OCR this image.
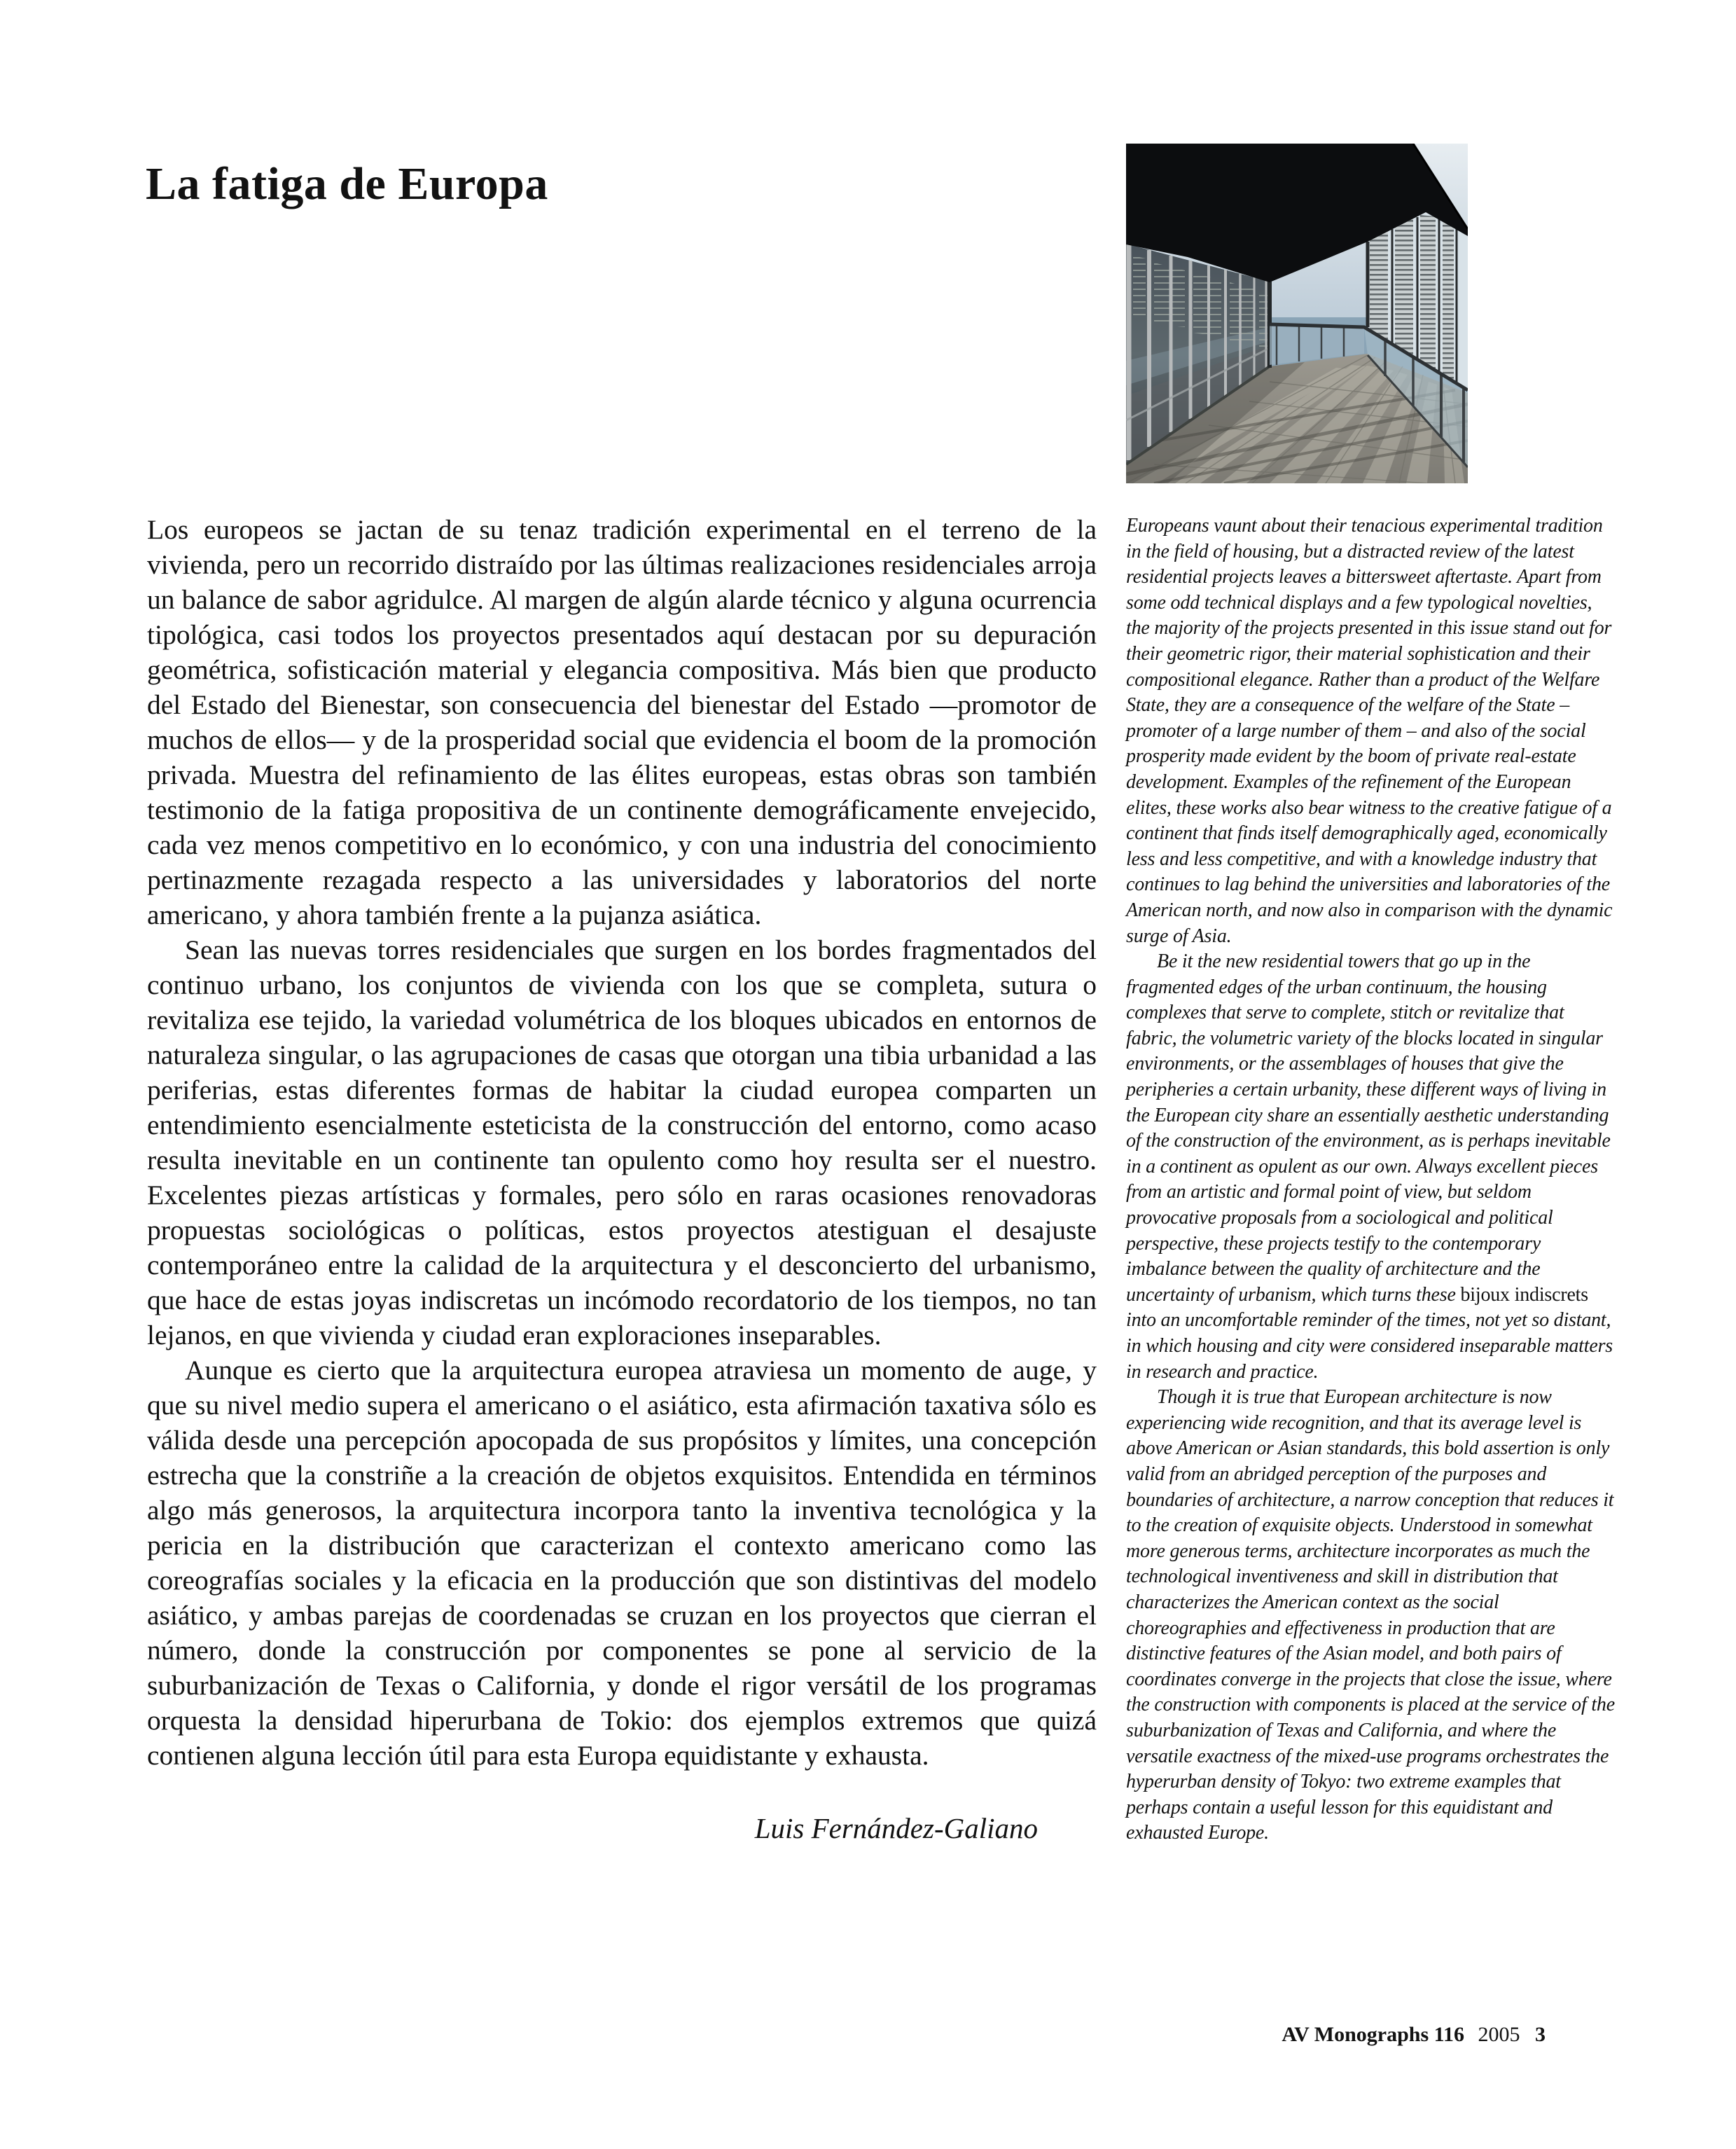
La fatiga de Europa

Los europeos se jactan de su tenaz tradición experimental en el terreno de la vivienda, pero un recorrido distraído por las últimas realizaciones residenciales arroja un balance de sabor agridulce. Al margen de algún alarde técnico y alguna ocurrencia tipológica, casi todos los proyectos presentados aquí destacan por su depuración geométrica, sofisticación material y elegancia compositiva. Más bien que producto del Estado del Bienestar, son consecuencia del bienestar del Estado —promotor de muchos de ellos— y de la prosperidad social que evidencia el boom de la promoción privada. Muestra del refinamiento de las élites europeas, estas obras son también testimonio de la fatiga propositiva de un continente demográficamente envejecido, cada vez menos competitivo en lo económico, y con una industria del conocimiento pertinazmente rezagada respecto a las universidades y laboratorios del norte americano, y ahora también frente a la pujanza asiática.

Sean las nuevas torres residenciales que surgen en los bordes fragmentados del continuo urbano, los conjuntos de vivienda con los que se completa, sutura o revitaliza ese tejido, la variedad volumétrica de los bloques ubicados en entornos de naturaleza singular, o las agrupaciones de casas que otorgan una tibia urbanidad a las periferias, estas diferentes formas de habitar la ciudad europea comparten un entendimiento esencialmente esteticista de la construcción del entorno, como acaso resulta inevitable en un continente tan opulento como hoy resulta ser el nuestro. Excelentes piezas artísticas y formales, pero sólo en raras ocasiones renovadoras propuestas sociológicas o políticas, estos proyectos atestiguan el desajuste contemporáneo entre la calidad de la arquitectura y el desconcierto del urbanismo, que hace de estas joyas indiscretas un incómodo recordatorio de los tiempos, no tan lejanos, en que vivienda y ciudad eran exploraciones inseparables.

Aunque es cierto que la arquitectura europea atraviesa un momento de auge, y que su nivel medio supera el americano o el asiático, esta afirmación taxativa sólo es válida desde una percepción apocopada de sus propósitos y límites, una concepción estrecha que la constriñe a la creación de objetos exquisitos. Entendida en términos algo más generosos, la arquitectura incorpora tanto la inventiva tecnológica y la pericia en la distribución que caracterizan el contexto americano como las coreografías sociales y la eficacia en la producción que son distintivas del modelo asiático, y ambas parejas de coordenadas se cruzan en los proyectos que cierran el número, donde la construcción por componentes se pone al servicio de la suburbanización de Texas o California, y donde el rigor versátil de los programas orquesta la densidad hiperurbana de Tokio: dos ejemplos extremos que quizá contienen alguna lección útil para esta Europa equidistante y exhausta.

Luis Fernández-Galiano

Europeans vaunt about their tenacious experimental tradition in the field of housing, but a distracted review of the latest residential projects leaves a bittersweet aftertaste. Apart from some odd technical displays and a few typological novelties, the majority of the projects presented in this issue stand out for their geometric rigor, their material sophistication and their compositional elegance. Rather than a product of the Welfare State, they are a consequence of the welfare of the State – promoter of a large number of them – and also of the social prosperity made evident by the boom of private real-estate development. Examples of the refinement of the European elites, these works also bear witness to the creative fatigue of a continent that finds itself demographically aged, economically less and less competitive, and with a knowledge industry that continues to lag behind the universities and laboratories of the American north, and now also in comparison with the dynamic surge of Asia.

Be it the new residential towers that go up in the fragmented edges of the urban continuum, the housing complexes that serve to complete, stitch or revitalize that fabric, the volumetric variety of the blocks located in singular environments, or the assemblages of houses that give the peripheries a certain urbanity, these different ways of living in the European city share an essentially aesthetic understanding of the construction of the environment, as is perhaps inevitable in a continent as opulent as our own. Always excellent pieces from an artistic and formal point of view, but seldom provocative proposals from a sociological and political perspective, these projects testify to the contemporary imbalance between the quality of architecture and the uncertainty of urbanism, which turns these bijoux indiscrets into an uncomfortable reminder of the times, not yet so distant, in which housing and city were considered inseparable matters in research and practice.

Though it is true that European architecture is now experiencing wide recognition, and that its average level is above American or Asian standards, this bold assertion is only valid from an abridged perception of the purposes and boundaries of architecture, a narrow conception that reduces it to the creation of exquisite objects. Understood in somewhat more generous terms, architecture incorporates as much the technological inventiveness and skill in distribution that characterizes the American context as the social choreographies and effectiveness in production that are distinctive features of the Asian model, and both pairs of coordinates converge in the projects that close the issue, where the construction with components is placed at the service of the suburbanization of Texas and California, and where the versatile exactness of the mixed-use programs orchestrates the hyperurban density of Tokyo: two extreme examples that perhaps contain a useful lesson for this equidistant and exhausted Europe.

AV Monographs 116 2005 3
